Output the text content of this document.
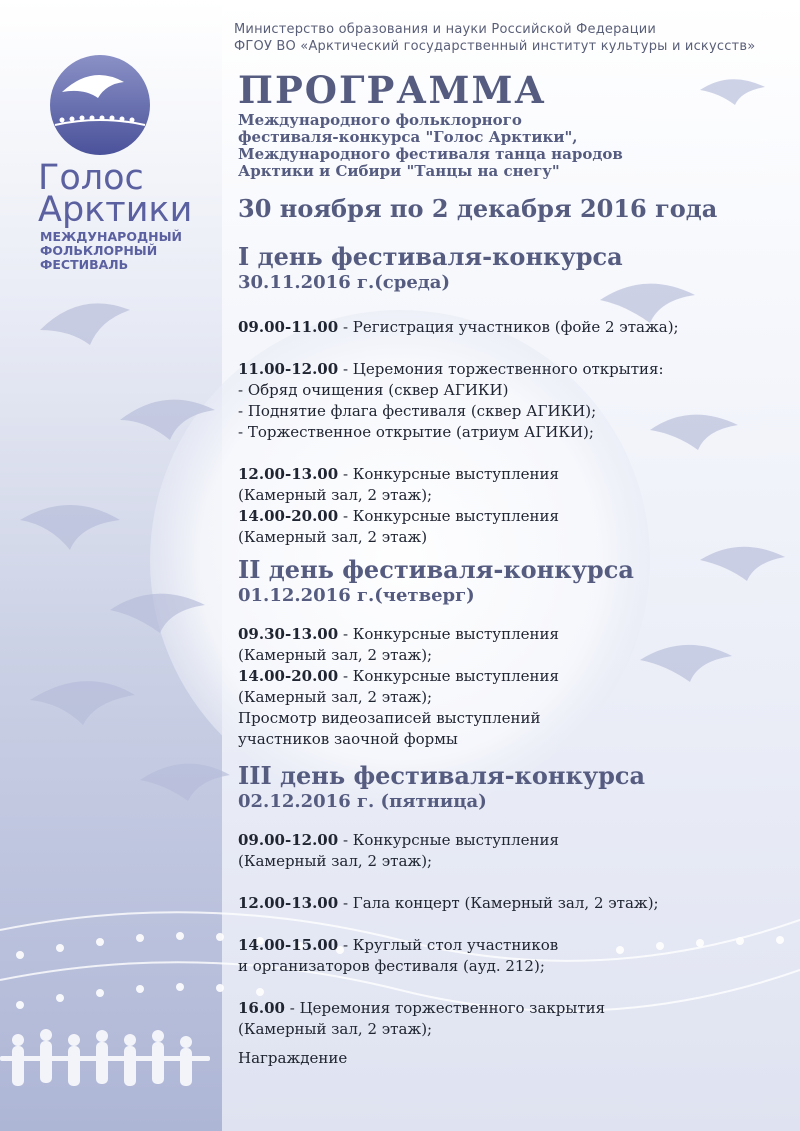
Министерство образования и науки Российской Федерации
ФГОУ ВО «Арктический государственный институт культуры и искусств»
Голос
Арктики
МЕЖДУНАРОДНЫЙ
ФОЛЬКЛОРНЫЙ
ФЕСТИВАЛЬ
ПРОГРАММА
Международного фольклорного
фестиваля-конкурса "Голос Арктики",
Международного фестиваля танца народов
Арктики и Сибири "Танцы на снегу"
30 ноября по 2 декабря 2016 года
I день фестиваля-конкурса
30.11.2016 г.(среда)
09.00-11.00 - Регистрация участников (фойе 2 этажа);
11.00-12.00 - Церемония торжественного открытия:
- Обряд очищения (сквер АГИКИ)
- Поднятие флага фестиваля (сквер АГИКИ);
- Торжественное открытие (атриум АГИКИ);
12.00-13.00 - Конкурсные выступления
(Камерный зал, 2 этаж);
14.00-20.00 - Конкурсные выступления
(Камерный зал, 2 этаж)
II день фестиваля-конкурса
01.12.2016 г.(четверг)
09.30-13.00 - Конкурсные выступления
(Камерный зал, 2 этаж);
14.00-20.00 - Конкурсные выступления
(Камерный зал, 2 этаж);
Просмотр видеозаписей выступлений
участников заочной формы
III день фестиваля-конкурса
02.12.2016 г. (пятница)
09.00-12.00 - Конкурсные выступления
(Камерный зал, 2 этаж);
12.00-13.00 - Гала концерт (Камерный зал, 2 этаж);
14.00-15.00 - Круглый стол участников
и организаторов фестиваля (ауд. 212);
16.00 - Церемония торжественного закрытия
(Камерный зал, 2 этаж);
Награждение
